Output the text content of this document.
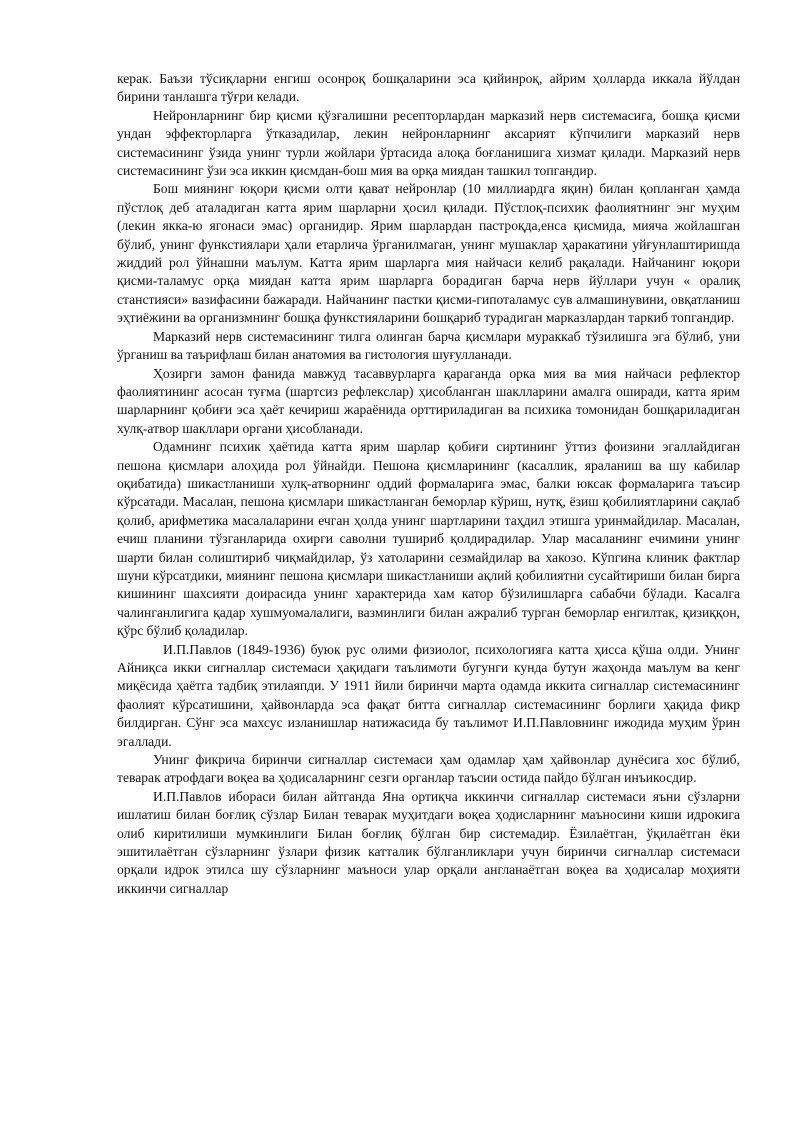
керак. Баъзи тўсиқларни енгиш осонроқ бошқаларини эса қийинроқ, айрим ҳолларда иккала йўлдан бирини танлашга тўғри келади.

Нейронларнинг бир қисми қўзғалишни ресепторлардан марказий нерв системасига, бошқа қисми ундан эффекторларга ўтказадилар, лекин нейронларнинг аксарият кўпчилиги марказий нерв системасининг ўзида унинг турли жойлари ўртасида алоқа боғланишига хизмат қилади. Марказий нерв системасининг ўзи эса иккин қисмдан-бош мия ва орқа миядан ташкил топгандир.

Бош миянинг юқори қисми олти қават нейронлар (10 миллиардга яқин) билан қопланган ҳамда пўстлоқ деб аталадиган катта ярим шарларни ҳосил қилади. Пўстлоқ-психик фаолиятнинг энг муҳим (лекин якка-ю ягонаси эмас) органидир. Ярим шарлардан пастроқда,енса қисмида, мияча жойлашган бўлиб, унинг функстиялари ҳали етарлича ўрганилмаган, унинг мушаклар ҳаракатини уйғунлаштиришда жиддий рол ўйнашни маълум. Катта ярим шарларга мия найчаси келиб рақалади. Найчанинг юқори қисми-таламус орқа миядан катта ярим шарларга борадиган барча нерв йўллари учун « оралиқ станстияси» вазифасини бажаради. Найчанинг пастки қисми-гипоталамус сув алмашинувини, овқатланиш эҳтиёжини ва организмнинг бошқа функстияларини бошқариб турадиган марказлардан таркиб топгандир.

Марказий нерв системасининг тилга олинган барча қисмлари мураккаб тўзилишга эга бўлиб, уни ўрганиш ва таърифлаш билан анатомия ва гистология шуғулланади.

Ҳозирги замон фанида мавжуд тасаввурларга қараганда орка мия ва мия найчаси рефлектор фаолиятининг асосан туғма (шартсиз рефлекслар) ҳисобланган шаклларини амалга оширади, катта ярим шарларнинг қобиғи эса ҳаёт кечириш жараёнида орттириладиган ва психика томонидан бошқариладиган хулқ-атвор шакллари органи ҳисобланади.

Одамнинг психик ҳаётида катта ярим шарлар қобиғи сиртининг ўттиз фоизини эгаллайдиган пешона қисмлари алоҳида рол ўйнайди. Пешона қисмларининг (касаллик, яраланиш ва шу кабилар оқибатида) шикастланиши хулқ-атворнинг оддий формаларига эмас, балки юксак формаларига таъсир кўрсатади. Масалан, пешона қисмлари шикастланган беморлар кўриш, нутқ, ёзиш қобилиятларини сақлаб қолиб, арифметика масалаларини ечган ҳолда унинг шартларини таҳдил этишга уринмайдилар. Масалан, ечиш планини тўзганларида охирги саволни тушириб қолдирадилар. Улар масаланинг ечимини унинг шарти билан солиштириб чиқмайдилар, ўз хатоларини сезмайдилар ва хакозо. Кўпгина клиник фактлар шуни кўрсатдики, миянинг пешона қисмлари шикастланиши ақлий қобилиятни сусайтириши билан бирга кишининг шахсияти доирасида унинг характерида хам катор бўзилишларга сабабчи бўлади. Касалга чалинганлигига қадар хушмуомалалиги, вазминлиги билан ажралиб турган беморлар енгилтак, қизиққон, қўрс бўлиб қоладилар.

И.П.Павлов (1849-1936) буюк рус олими физиолог, психологияга катта ҳисса қўша олди. Унинг Айниқса икки сигналлар системаси ҳақидаги таълимоти бугунги кунда бутун жаҳонда маълум ва кенг миқёсида ҳаётга тадбиқ этилаяпди. У 1911 йили биринчи марта одамда иккита сигналлар системасининг фаолият кўрсатишини, ҳайвонларда эса фақат битта сигналлар системасининг борлиги ҳақида фикр билдирган. Сўнг эса махсус изланишлар натижасида бу таълимот И.П.Павловнинг ижодида муҳим ўрин эгаллади.

Унинг фикрича биринчи сигналлар системаси ҳам одамлар ҳам ҳайвонлар дунёсига хос бўлиб, теварак атрофдаги воқеа ва ҳодисаларнинг сезги органлар таъсии остида пайдо бўлган инъикосдир.

И.П.Павлов ибораси билан айтганда Яна ортиқча иккинчи сигналлар системаси яъни сўзларни ишлатиш билан боғлиқ сўзлар Билан теварак муҳитдаги воқеа ҳодисларнинг маъносини киши идрокига олиб киритилиши мумкинлиги Билан боғлиқ бўлган бир системадир. Ёзилаётган, ўқилаётган ёки эшитилаётган сўзларнинг ўзлари физик катталик бўлганликлари учун биринчи сигналлар системаси орқали идрок этилса шу сўзларнинг маъноси улар орқали англанаётган воқеа ва ҳодисалар моҳияти иккинчи сигналлар
